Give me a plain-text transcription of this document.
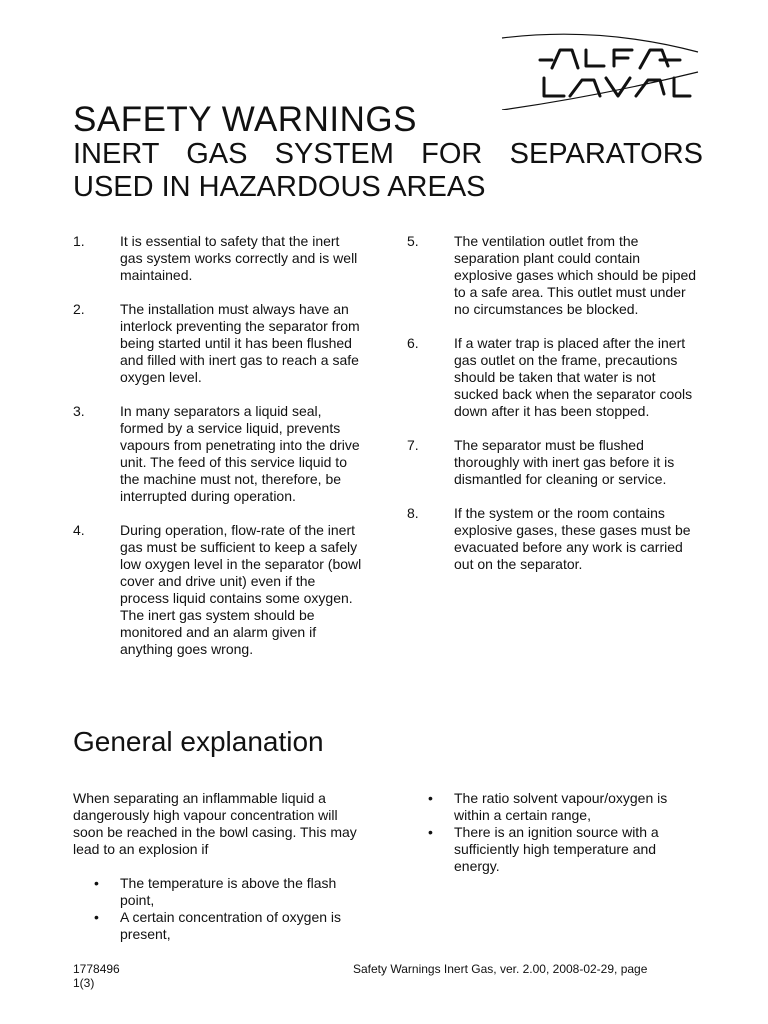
SAFETY WARNINGS
INERT GAS SYSTEM FOR SEPARATORS
USED IN HAZARDOUS AREAS
1.	It is essential to safety that the inert gas system works correctly and is well maintained.
2.	The installation must always have an interlock preventing the separator from being started until it has been flushed and filled with inert gas to reach a safe oxygen level.
3.	In many separators a liquid seal, formed by a service liquid, prevents vapours from penetrating into the drive unit. The feed of this service liquid to the machine must not, therefore, be interrupted during operation.
4.	During operation, flow-rate of the inert gas must be sufficient to keep a safely low oxygen level in the separator (bowl cover and drive unit) even if the process liquid contains some oxygen. The inert gas system should be monitored and an alarm given if anything goes wrong.
5.	The ventilation outlet from the separation plant could contain explosive gases which should be piped to a safe area. This outlet must under no circumstances be blocked.
6.	If a water trap is placed after the inert gas outlet on the frame, precautions should be taken that water is not sucked back when the separator cools down after it has been stopped.
7.	The separator must be flushed thoroughly with inert gas before it is dismantled for cleaning or service.
8.	If the system or the room contains explosive gases, these gases must be evacuated before any work is carried out on the separator.
General explanation

When separating an inflammable liquid a dangerously high vapour concentration will soon be reached in the bowl casing. This may lead to an explosion if

•	The temperature is above the flash point,
•	A certain concentration of oxygen is present,
•	The ratio solvent vapour/oxygen is within a certain range,
•	There is an ignition source with a sufficiently high temperature and energy.
1778496
1(3)
Safety Warnings Inert Gas, ver. 2.00, 2008-02-29, page
